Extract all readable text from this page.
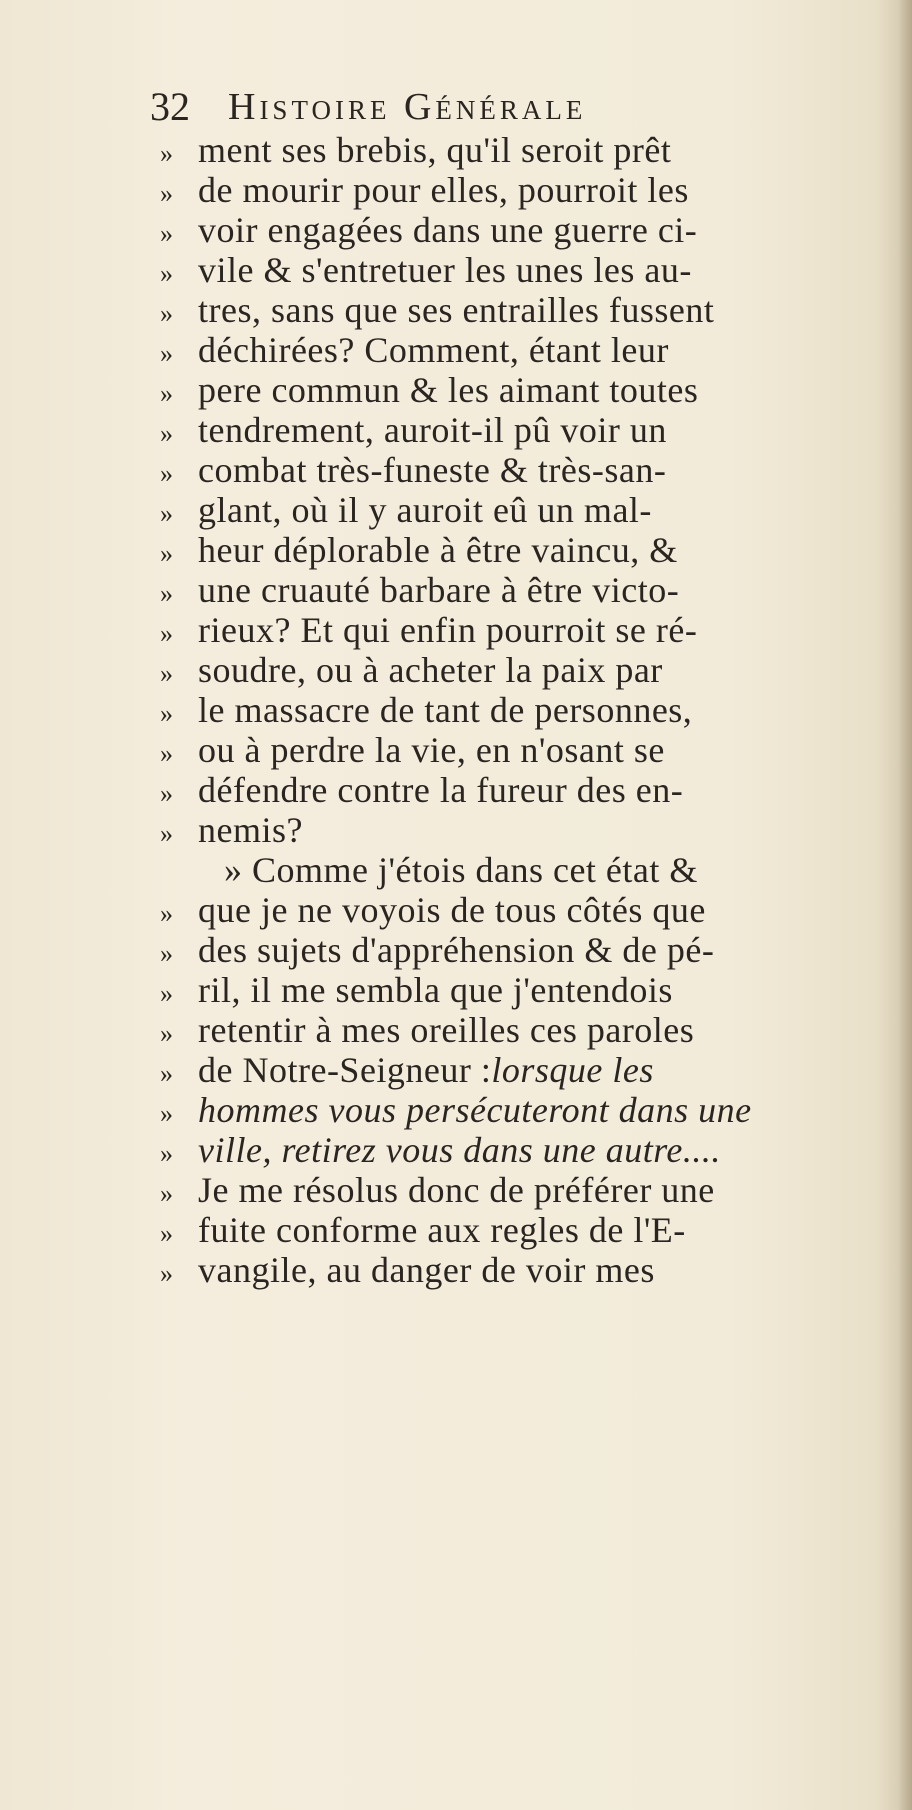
32 Histoire Générale
» ment ses brebis, qu'il seroit prêt
» de mourir pour elles, pourroit les
» voir engagées dans une guerre ci-
» vile & s'entretuer les unes les au-
» tres, sans que ses entrailles fussent
» déchirées? Comment, étant leur
» pere commun & les aimant toutes
» tendrement, auroit-il pû voir un
» combat très-funeste & très-san-
» glant, où il y auroit eû un mal-
» heur déplorable à être vaincu, &
» une cruauté barbare à être victo-
» rieux? Et qui enfin pourroit se ré-
» soudre, ou à acheter la paix par
» le massacre de tant de personnes,
» ou à perdre la vie, en n'osant se
» défendre contre la fureur des en-
» nemis?
» Comme j'étois dans cet état &
» que je ne voyois de tous côtés que
» des sujets d'appréhension & de pé-
» ril, il me sembla que j'entendois
» retentir à mes oreilles ces paroles
» de Notre-Seigneur :lorsque les
» hommes vous persécuteront dans une
» ville, retirez vous dans une autre....
» Je me résolus donc de préférer une
» fuite conforme aux regles de l'E-
» vangile, au danger de voir mes
